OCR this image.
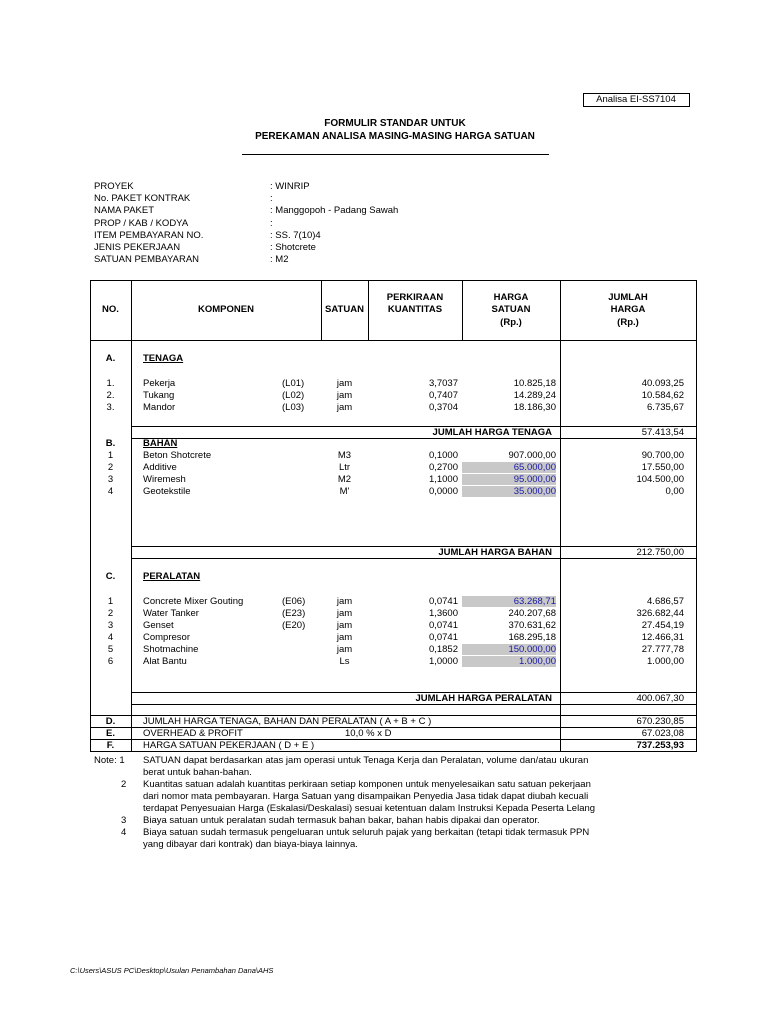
Analisa EI-SS7104
FORMULIR STANDAR UNTUK
PEREKAMAN ANALISA MASING-MASING HARGA SATUAN
PROYEK	: WINRIP
No. PAKET KONTRAK	:
NAMA PAKET	: Manggopoh - Padang Sawah
PROP / KAB / KODYA	:
ITEM PEMBAYARAN NO.	: SS. 7(10)4
JENIS PEKERJAAN	: Shotcrete
SATUAN PEMBAYARAN	: M2
NO.	KOMPONEN	SATUAN
PERKIRAAN
KUANTITAS
HARGA
SATUAN
(Rp.)
JUMLAH
HARGA
(Rp.)
A.	TENAGA
1.	Pekerja	(L01)	jam	3,7037	10.825,18	40.093,25
2.	Tukang	(L02)	jam	0,7407	14.289,24	10.584,62
3.	Mandor	(L03)	jam	0,3704	18.186,30	6.735,67
JUMLAH HARGA TENAGA	57.413,54
B.	BAHAN
1	Beton Shotcrete	M3	0,1000	907.000,00	90.700,00
2	Additive	Ltr	0,2700	65.000,00	17.550,00
3	Wiremesh	M2	1,1000	95.000,00	104.500,00
4	Geotekstile	M'	0,0000	35.000,00	0,00
JUMLAH HARGA BAHAN	212.750,00
C.	PERALATAN
1	Concrete Mixer Gouting	(E06)	jam	0,0741	63.268,71	4.686,57
2	Water Tanker	(E23)	jam	1,3600	240.207,68	326.682,44
3	Genset	(E20)	jam	0,0741	370.631,62	27.454,19
4	Compresor	jam	0,0741	168.295,18	12.466,31
5	Shotmachine	jam	0,1852	150.000,00	27.777,78
6	Alat Bantu	Ls	1,0000	1.000,00	1.000,00
JUMLAH HARGA PERALATAN	400.067,30
D.	JUMLAH HARGA TENAGA, BAHAN DAN PERALATAN ( A + B + C )	670.230,85
E.	OVERHEAD & PROFIT	10,0 % x D	67.023,08
F.	HARGA SATUAN PEKERJAAN ( D + E )	737.253,93
Note: 1 SATUAN dapat berdasarkan atas jam operasi untuk Tenaga Kerja dan Peralatan, volume dan/atau ukuran
berat untuk bahan-bahan.
2 Kuantitas satuan adalah kuantitas perkiraan setiap komponen untuk menyelesaikan satu satuan pekerjaan
dari nomor mata pembayaran. Harga Satuan yang disampaikan Penyedia Jasa tidak dapat diubah kecuali
terdapat Penyesuaian Harga (Eskalasi/Deskalasi) sesuai ketentuan dalam Instruksi Kepada Peserta Lelang
3 Biaya satuan untuk peralatan sudah termasuk bahan bakar, bahan habis dipakai dan operator.
4 Biaya satuan sudah termasuk pengeluaran untuk seluruh pajak yang berkaitan (tetapi tidak termasuk PPN
yang dibayar dari kontrak) dan biaya-biaya lainnya.
C:\Users\ASUS PC\Desktop\Usulan Penambahan Dana\AHS
